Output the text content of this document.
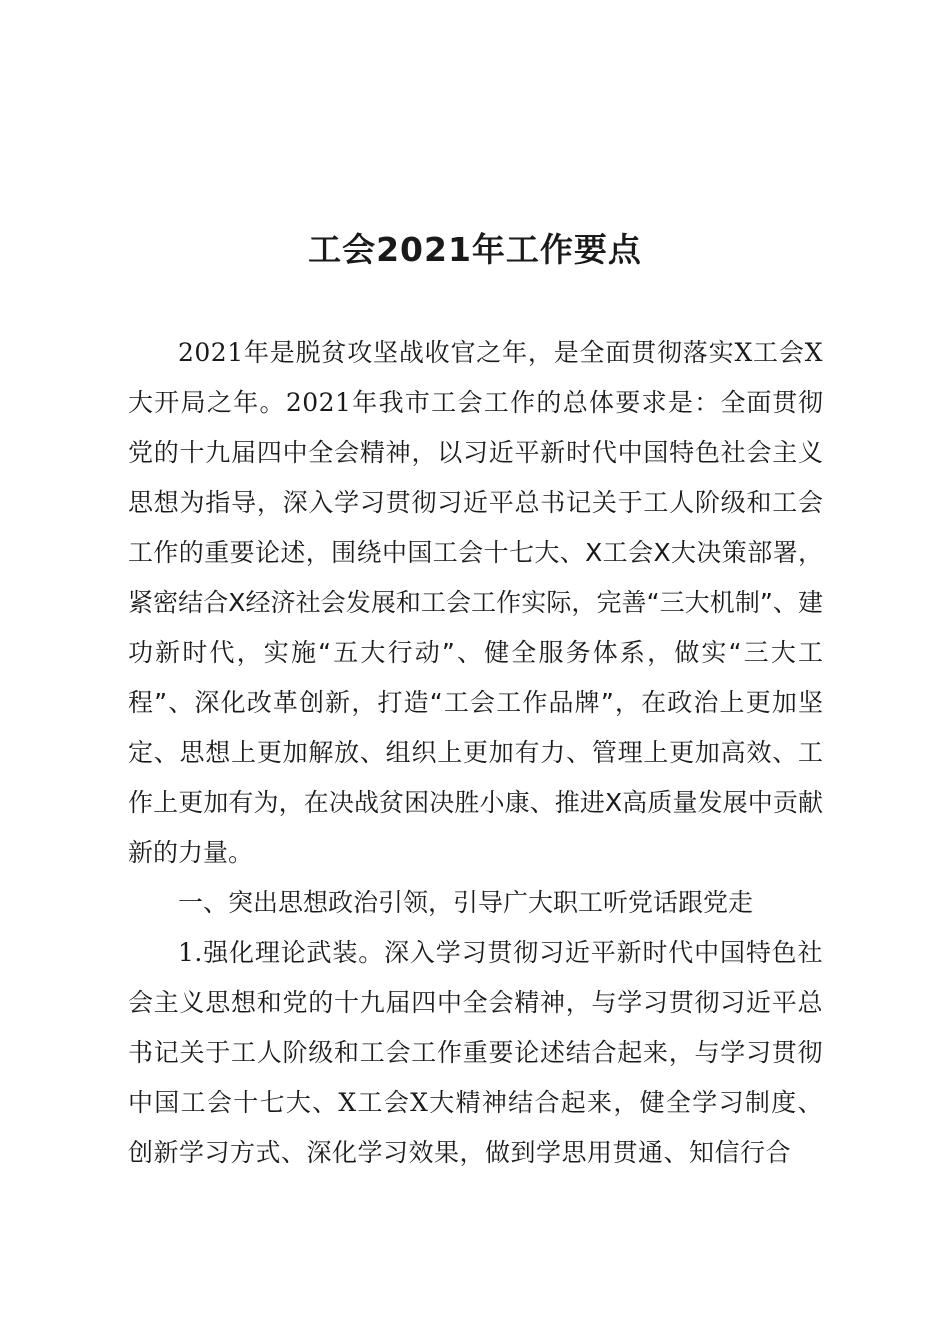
工会2021年工作要点

2021年是脱贫攻坚战收官之年，是全面贯彻落实X工会X大开局之年。2021年我市工会工作的总体要求是：全面贯彻党的十九届四中全会精神，以习近平新时代中国特色社会主义思想为指导，深入学习贯彻习近平总书记关于工人阶级和工会工作的重要论述，围绕中国工会十七大、X工会X大决策部署，紧密结合X经济社会发展和工会工作实际，完善“三大机制”、建功新时代，实施“五大行动”、健全服务体系，做实“三大工程”、深化改革创新，打造“工会工作品牌”，在政治上更加坚定、思想上更加解放、组织上更加有力、管理上更加高效、工作上更加有为，在决战贫困决胜小康、推进X高质量发展中贡献新的力量。

一、突出思想政治引领，引导广大职工听党话跟党走

1.强化理论武装。深入学习贯彻习近平新时代中国特色社会主义思想和党的十九届四中全会精神，与学习贯彻习近平总书记关于工人阶级和工会工作重要论述结合起来，与学习贯彻中国工会十七大、X工会X大精神结合起来，健全学习制度、创新学习方式、深化学习效果，做到学思用贯通、知信行合
